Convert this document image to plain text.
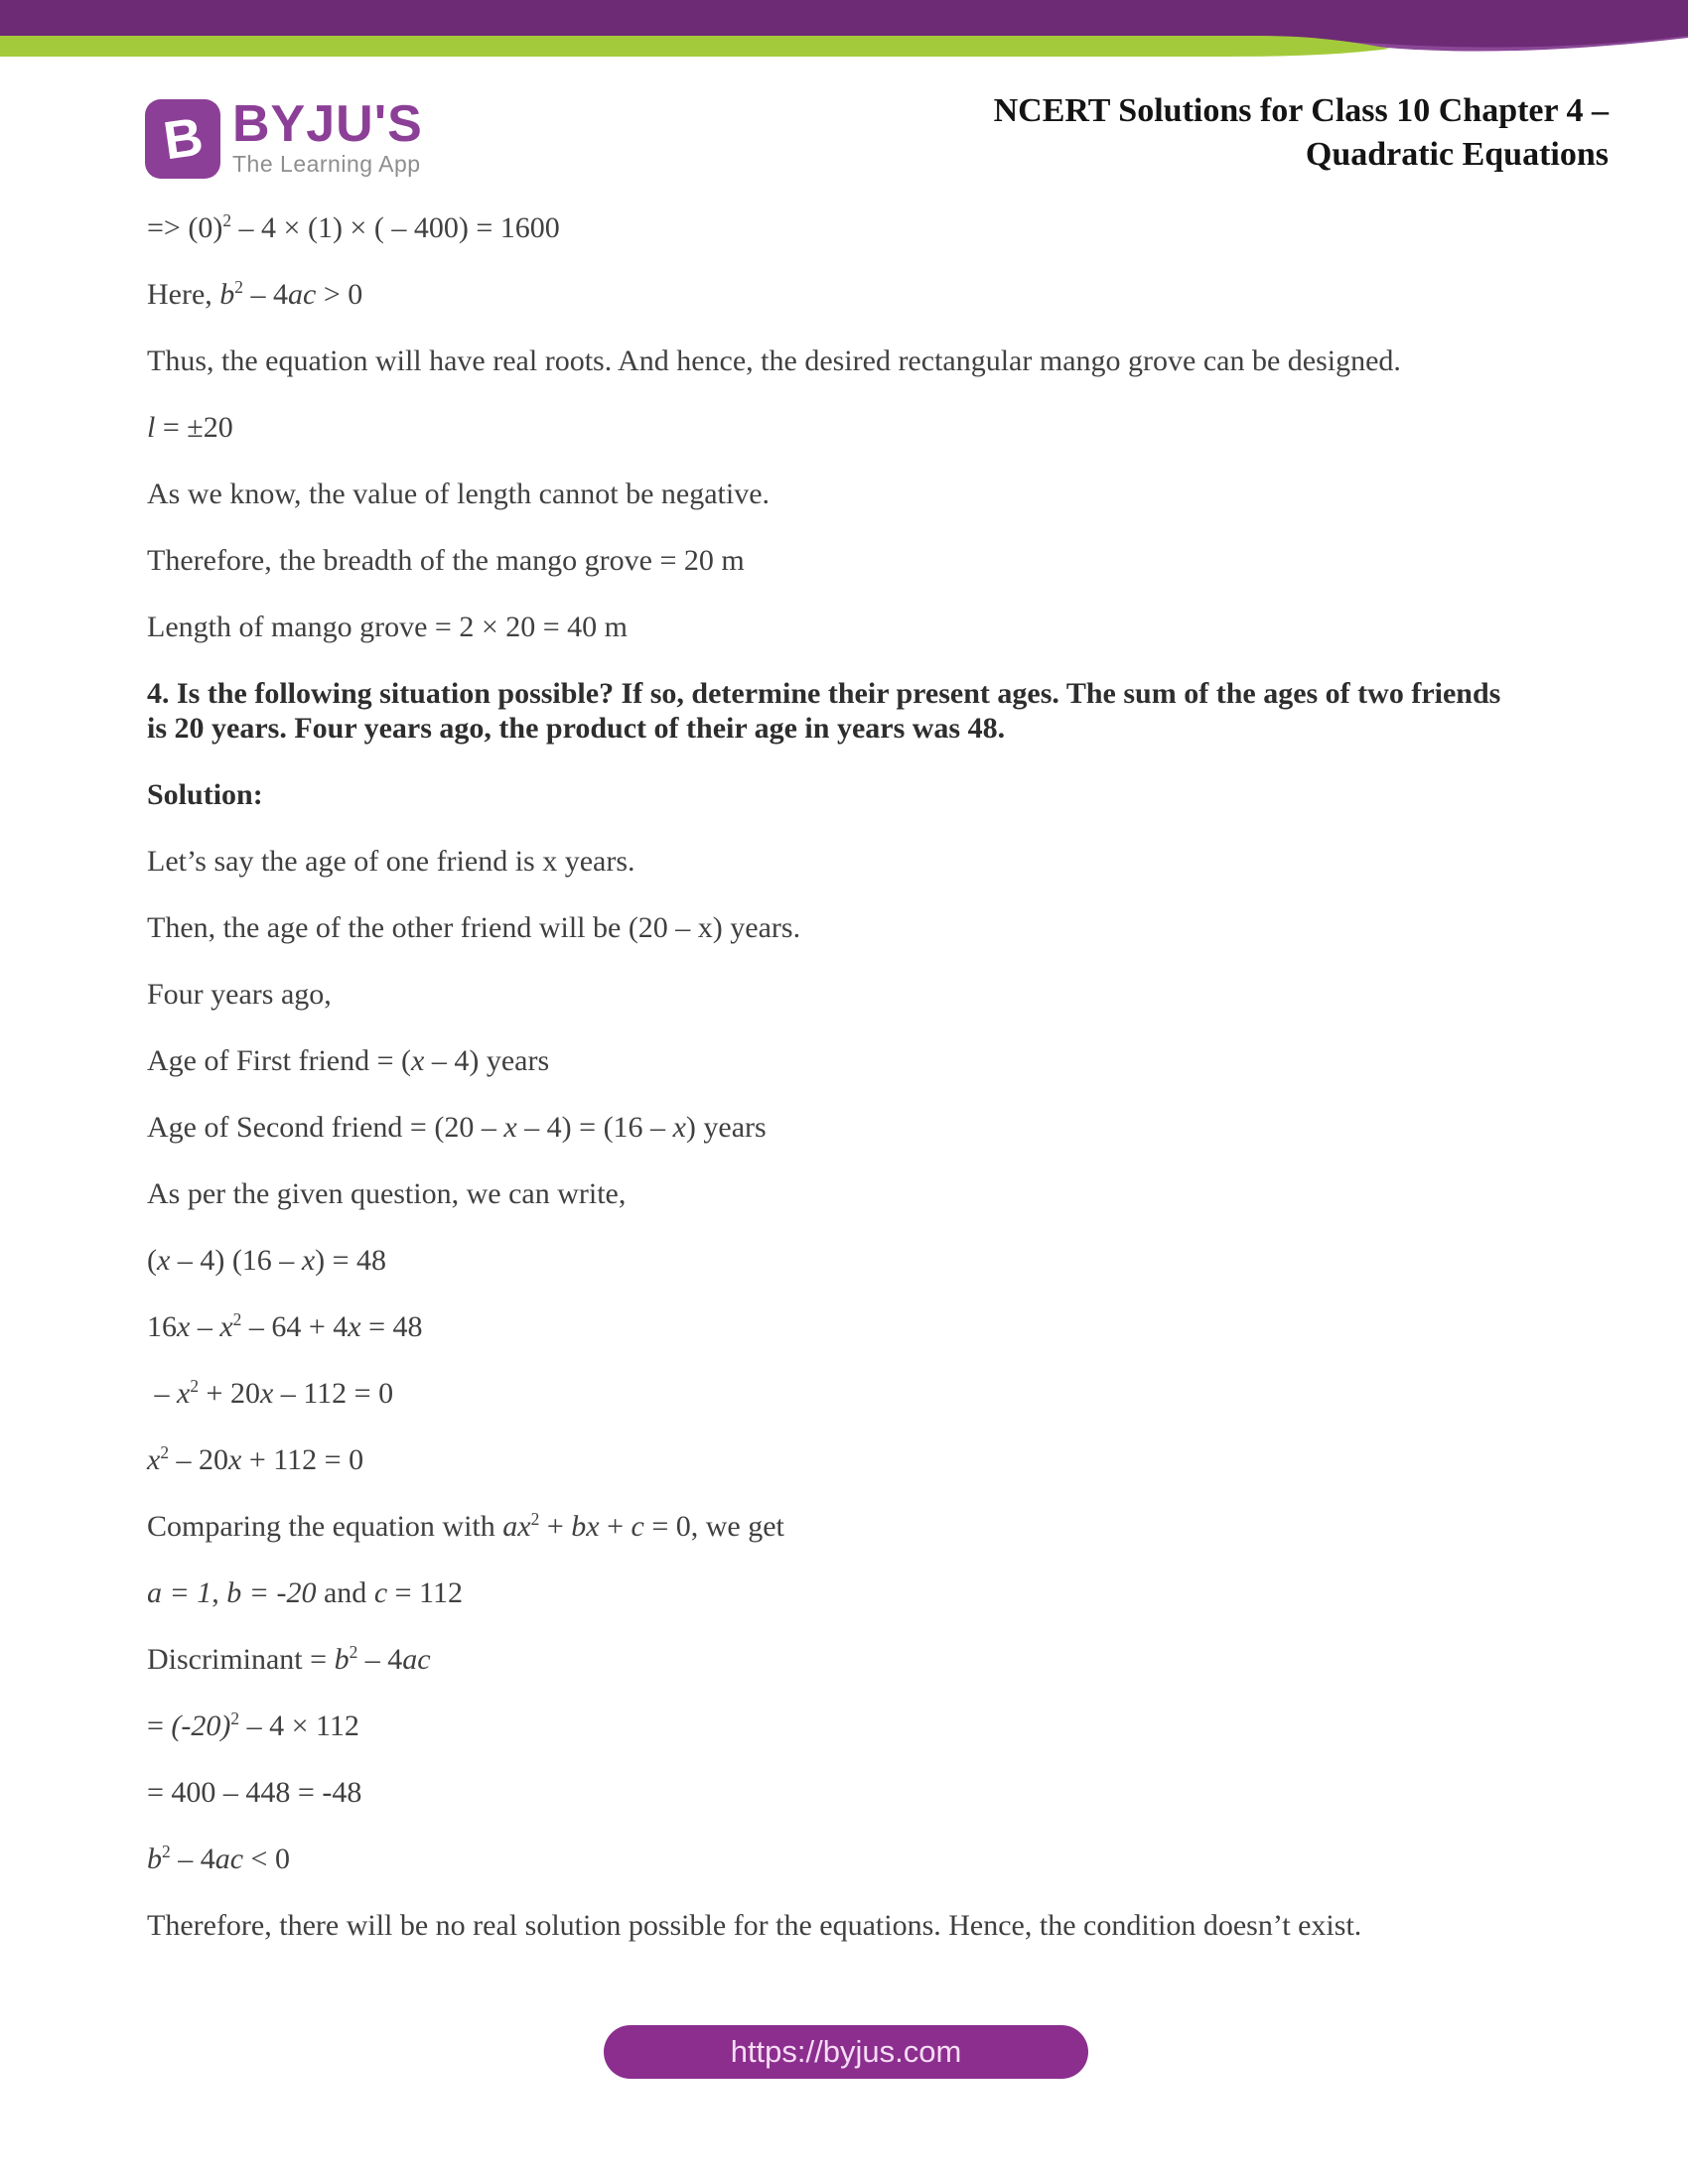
B BYJU'S
The Learning App
NCERT Solutions for Class 10 Chapter 4 –
Quadratic Equations

=> $(0)^2 - 4 \times (1)$ × ( – 400) = 1600

Here, $b^2 - 4ac > 0$

Thus, the equation will have real roots. And hence, the desired rectangular mango grove can be designed.

l = ±20

As we know, the value of length cannot be negative.

Therefore, the breadth of the mango grove = 20 m

Length of mango grove = 2 × 20 = 40 m

4. Is the following situation possible? If so, determine their present ages. The sum of the ages of two friends is 20 years. Four years ago, the product of their age in years was 48.

Solution:

Let’s say the age of one friend is x years.

Then, the age of the other friend will be (20 – x) years.

Four years ago,

Age of First friend = (x – 4) years

Age of Second friend = (20 – x – 4) = (16 – x) years

As per the given question, we can write,

(x – 4) (16 – x) = 48

$16x - x^2 - 64 + 4x = 48$

– $x^2 + 20x - 112 = 0$

$x^2 - 20x + 112 = 0$

Comparing the equation with $ax^2$ + bx + c = 0, we get

a = 1, b = -20 and c = 112

Discriminant = $b^2 - 4ac$

= $(-20)^2 - 4 \times 112$

= 400 – 448 = -48

$b^2 - 4ac < 0$

Therefore, there will be no real solution possible for the equations. Hence, the condition doesn’t exist.

https://byjus.com
